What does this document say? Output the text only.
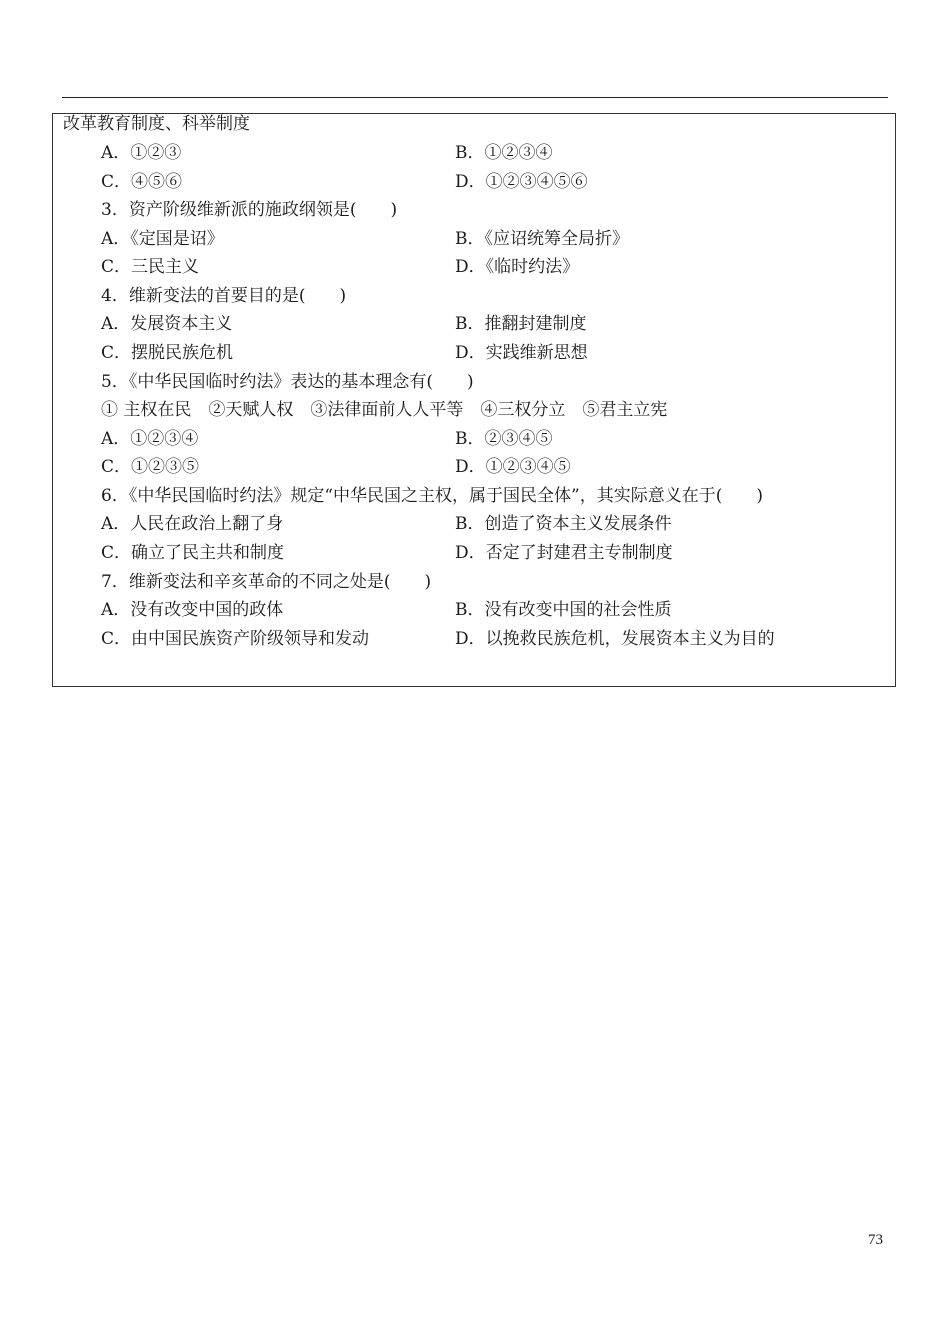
改革教育制度、科举制度
A．①②③	B．①②③④
C．④⑤⑥	D．①②③④⑤⑥
3．资产阶级维新派的施政纲领是(　　)
A．《定国是诏》	B．《应诏统筹全局折》
C．三民主义	D．《临时约法》
4．维新变法的首要目的是(　　)
A．发展资本主义	B．推翻封建制度
C．摆脱民族危机	D．实践维新思想
5．《中华民国临时约法》表达的基本理念有(　　)
① 主权在民　②天赋人权　③法律面前人人平等　④三权分立　⑤君主立宪
A．①②③④	B．②③④⑤
C．①②③⑤	D．①②③④⑤
6．《中华民国临时约法》规定“中华民国之主权，属于国民全体”，其实际意义在于(　　)
A．人民在政治上翻了身	B．创造了资本主义发展条件
C．确立了民主共和制度	D．否定了封建君主专制制度
7．维新变法和辛亥革命的不同之处是(　　)
A．没有改变中国的政体	B．没有改变中国的社会性质
C．由中国民族资产阶级领导和发动	D．以挽救民族危机，发展资本主义为目的
73
